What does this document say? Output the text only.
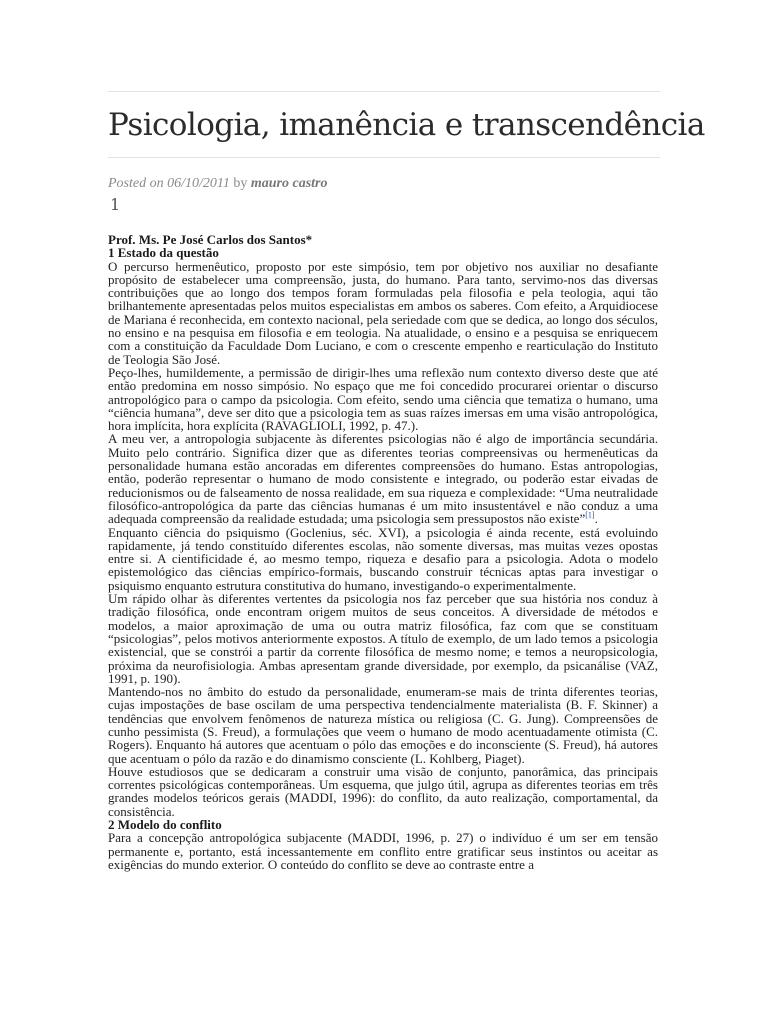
Psicologia, imanência e transcendência
Posted on 06/10/2011 by mauro castro
1

Prof. Ms. Pe José Carlos dos Santos*

1 Estado da questão

O percurso hermenêutico, proposto por este simpósio, tem por objetivo nos auxiliar no desafiante propósito de estabelecer uma compreensão, justa, do humano. Para tanto, servimo-nos das diversas contribuições que ao longo dos tempos foram formuladas pela filosofia e pela teologia, aqui tão brilhantemente apresentadas pelos muitos especialistas em ambos os saberes. Com efeito, a Arquidiocese de Mariana é reconhecida, em contexto nacional, pela seriedade com que se dedica, ao longo dos séculos, no ensino e na pesquisa em filosofia e em teologia. Na atualidade, o ensino e a pesquisa se enriquecem com a constituição da Faculdade Dom Luciano, e com o crescente empenho e rearticulação do Instituto de Teologia São José.

Peço-lhes, humildemente, a permissão de dirigir-lhes uma reflexão num contexto diverso deste que até então predomina em nosso simpósio. No espaço que me foi concedido procurarei orientar o discurso antropológico para o campo da psicologia. Com efeito, sendo uma ciência que tematiza o humano, uma “ciência humana”, deve ser dito que a psicologia tem as suas raízes imersas em uma visão antropológica, hora implícita, hora explícita (RAVAGLIOLI, 1992, p. 47.).

A meu ver, a antropologia subjacente às diferentes psicologias não é algo de importância secundária. Muito pelo contrário. Significa dizer que as diferentes teorias compreensivas ou hermenêuticas da personalidade humana estão ancoradas em diferentes compreensões do humano. Estas antropologias, então, poderão representar o humano de modo consistente e integrado, ou poderão estar eivadas de reducionismos ou de falseamento de nossa realidade, em sua riqueza e complexidade: “Uma neutralidade filosófico-antropológica da parte das ciências humanas é um mito insustentável e não conduz a uma adequada compreensão da realidade estudada; uma psicologia sem pressupostos não existe”[1].

Enquanto ciência do psiquismo (Goclenius, séc. XVI), a psicologia é ainda recente, está evoluindo rapidamente, já tendo constituído diferentes escolas, não somente diversas, mas muitas vezes opostas entre si. A cientificidade é, ao mesmo tempo, riqueza e desafio para a psicologia. Adota o modelo epistemológico das ciências empírico-formais, buscando construir técnicas aptas para investigar o psiquismo enquanto estrutura constitutiva do humano, investigando-o experimentalmente.

Um rápido olhar às diferentes vertentes da psicologia nos faz perceber que sua história nos conduz à tradição filosófica, onde encontram origem muitos de seus conceitos. A diversidade de métodos e modelos, a maior aproximação de uma ou outra matriz filosófica, faz com que se constituam “psicologias”, pelos motivos anteriormente expostos. A título de exemplo, de um lado temos a psicologia existencial, que se constrói a partir da corrente filosófica de mesmo nome; e temos a neuropsicologia, próxima da neurofisiologia. Ambas apresentam grande diversidade, por exemplo, da psicanálise (VAZ, 1991, p. 190).

Mantendo-nos no âmbito do estudo da personalidade, enumeram-se mais de trinta diferentes teorias, cujas impostações de base oscilam de uma perspectiva tendencialmente materialista (B. F. Skinner) a tendências que envolvem fenômenos de natureza mística ou religiosa (C. G. Jung). Compreensões de cunho pessimista (S. Freud), a formulações que veem o humano de modo acentuadamente otimista (C. Rogers). Enquanto há autores que acentuam o pólo das emoções e do inconsciente (S. Freud), há autores que acentuam o pólo da razão e do dinamismo consciente (L. Kohlberg, Piaget).

Houve estudiosos que se dedicaram a construir uma visão de conjunto, panorâmica, das principais correntes psicológicas contemporâneas. Um esquema, que julgo útil, agrupa as diferentes teorias em três grandes modelos teóricos gerais (MADDI, 1996): do conflito, da auto realização, comportamental, da consistência.

2 Modelo do conflito

Para a concepção antropológica subjacente (MADDI, 1996, p. 27) o indivíduo é um ser em tensão permanente e, portanto, está incessantemente em conflito entre gratificar seus instintos ou aceitar as exigências do mundo exterior. O conteúdo do conflito se deve ao contraste entre a
